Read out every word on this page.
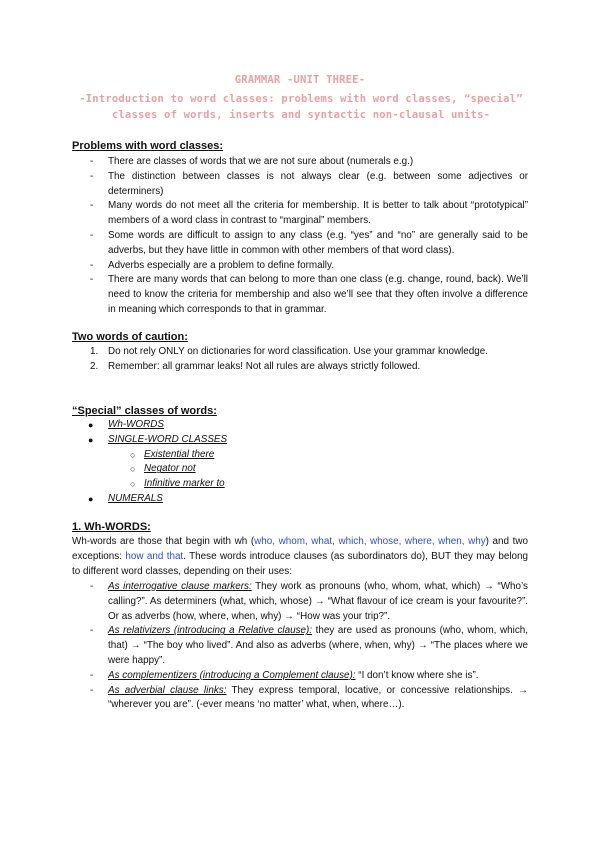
GRAMMAR -UNIT THREE-
-Introduction to word classes: problems with word classes, “special” classes of words, inserts and syntactic non-clausal units-
Problems with word classes:
- There are classes of words that we are not sure about (numerals e.g.)
- The distinction between classes is not always clear (e.g. between some adjectives or determiners)
- Many words do not meet all the criteria for membership. It is better to talk about “prototypical” members of a word class in contrast to “marginal” members.
- Some words are difficult to assign to any class (e.g. “yes” and “no” are generally said to be adverbs, but they have little in common with other members of that word class).
- Adverbs especially are a problem to define formally.
- There are many words that can belong to more than one class (e.g. change, round, back). We’ll need to know the criteria for membership and also we’ll see that they often involve a difference in meaning which corresponds to that in grammar.
Two words of caution:
1. Do not rely ONLY on dictionaries for word classification. Use your grammar knowledge.
2. Remember: all grammar leaks! Not all rules are always strictly followed.
“Special” classes of words:
● Wh-WORDS
● SINGLE-WORD CLASSES
○ Existential there
○ Negator not
○ Infinitive marker to
● NUMERALS
1. Wh-WORDS:
Wh-words are those that begin with wh (who, whom, what, which, whose, where, when, why) and two exceptions: how and that. These words introduce clauses (as subordinators do), BUT they may belong to different word classes, depending on their uses:
- As interrogative clause markers: They work as pronouns (who, whom, what, which) → “Who’s calling?”. As determiners (what, which, whose) → “What flavour of ice cream is your favourite?”. Or as adverbs (how, where, when, why) → “How was your trip?”.
- As relativizers (introducing a Relative clause): they are used as pronouns (who, whom, which, that) → “The boy who lived”. And also as adverbs (where, when, why) → “The places where we were happy”.
- As complementizers (introducing a Complement clause): “I don’t know where she is”.
- As adverbial clause links: They express temporal, locative, or concessive relationships. → “wherever you are”. (-ever means ‘no matter’ what, when, where…).
